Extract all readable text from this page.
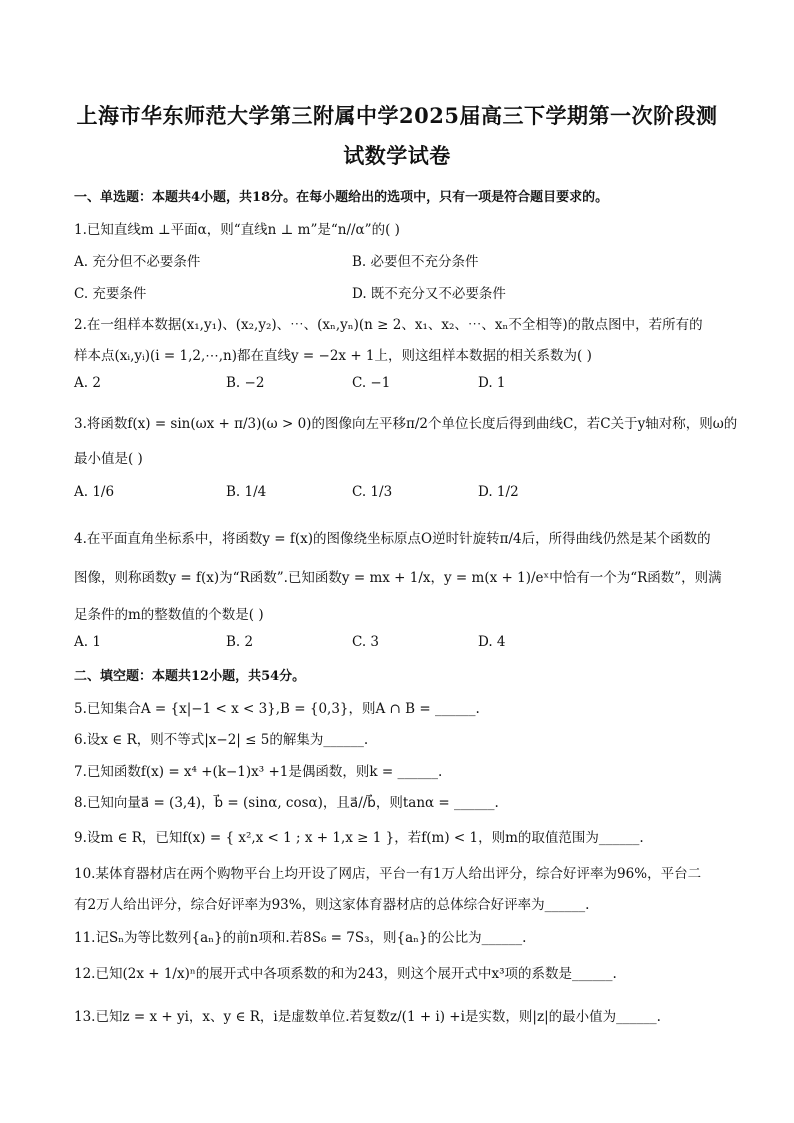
上海市华东师范大学第三附属中学2025届高三下学期第一次阶段测
试数学试卷
一、单选题：本题共4小题，共18分。在每小题给出的选项中，只有一项是符合题目要求的。
1.已知直线m ⊥平面α，则“直线n ⊥ m”是“n//α”的( )
A. 充分但不必要条件	B. 必要但不充分条件
C. 充要条件	D. 既不充分又不必要条件
2.在一组样本数据(x₁,y₁)、(x₂,y₂)、⋯、(xₙ,yₙ)(n ≥ 2、x₁、x₂、⋯、xₙ不全相等)的散点图中，若所有的
样本点(xᵢ,yᵢ)(i = 1,2,⋯,n)都在直线y = −2x + 1上，则这组样本数据的相关系数为( )
A. 2	B. −2	C. −1	D. 1
3.将函数f(x) = sin(ωx + π/3)(ω > 0)的图像向左平移π/2个单位长度后得到曲线C，若C关于y轴对称，则ω的
最小值是( )
A. 1/6	B. 1/4	C. 1/3	D. 1/2
4.在平面直角坐标系中，将函数y = f(x)的图像绕坐标原点O逆时针旋转π/4后，所得曲线仍然是某个函数的
图像，则称函数y = f(x)为“R函数”.已知函数y = mx + 1/x，y = m(x + 1)/eˣ中恰有一个为“R函数”，则满
足条件的m的整数值的个数是( )
A. 1	B. 2	C. 3	D. 4
二、填空题：本题共12小题，共54分。
5.已知集合A = {x|−1 < x < 3},B = {0,3}，则A ∩ B = ______.
6.设x ∈ R，则不等式|x−2| ≤ 5的解集为______.
7.已知函数f(x) = x⁴ +(k−1)x³ +1是偶函数，则k = ______.
8.已知向量a⃗ = (3,4)，b⃗ = (sinα, cosα)，且a⃗//b⃗，则tanα = ______.
9.设m ∈ R，已知f(x) = { x²,x < 1 ; x + 1,x ≥ 1 }，若f(m) < 1，则m的取值范围为______.
10.某体育器材店在两个购物平台上均开设了网店，平台一有1万人给出评分，综合好评率为96%，平台二
有2万人给出评分，综合好评率为93%，则这家体育器材店的总体综合好评率为______.
11.记Sₙ为等比数列{aₙ}的前n项和.若8S₆ = 7S₃，则{aₙ}的公比为______.
12.已知(2x + 1/x)ⁿ的展开式中各项系数的和为243，则这个展开式中x³项的系数是______.
13.已知z = x + yi，x、y ∈ R，i是虚数单位.若复数z/(1 + i) +i是实数，则|z|的最小值为______.
